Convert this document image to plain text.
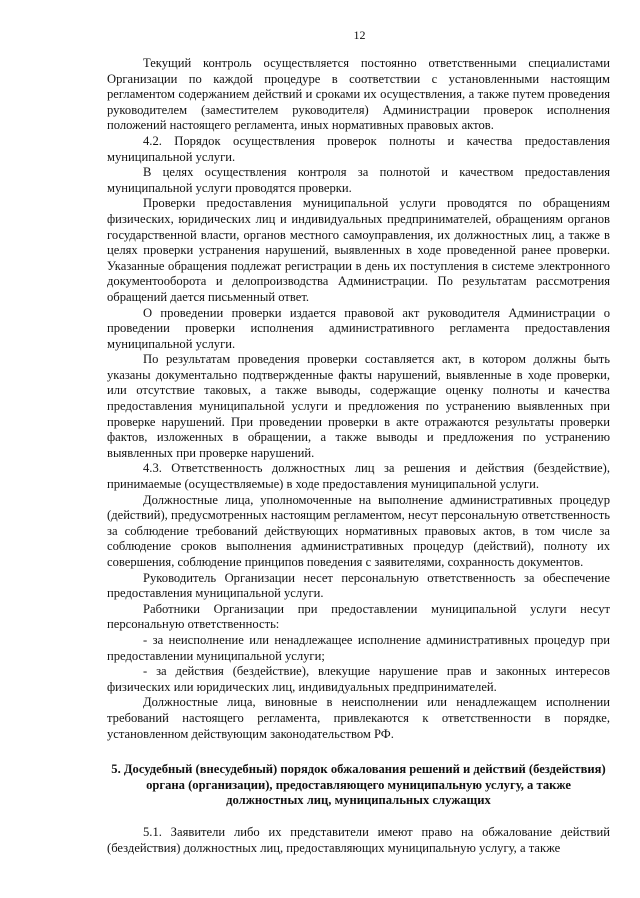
12

Текущий контроль осуществляется постоянно ответственными специалистами Организации по каждой процедуре в соответствии с установленными настоящим регламентом содержанием действий и сроками их осуществления, а также путем проведения руководителем (заместителем руководителя) Администрации проверок исполнения положений настоящего регламента, иных нормативных правовых актов.

4.2. Порядок осуществления проверок полноты и качества предоставления муниципальной услуги.

В целях осуществления контроля за полнотой и качеством предоставления муниципальной услуги проводятся проверки.

Проверки предоставления муниципальной услуги проводятся по обращениям физических, юридических лиц и индивидуальных предпринимателей, обращениям органов государственной власти, органов местного самоуправления, их должностных лиц, а также в целях проверки устранения нарушений, выявленных в ходе проведенной ранее проверки. Указанные обращения подлежат регистрации в день их поступления в системе электронного документооборота и делопроизводства Администрации. По результатам рассмотрения обращений дается письменный ответ.

О проведении проверки издается правовой акт руководителя Администрации о проведении проверки исполнения административного регламента предоставления муниципальной услуги.

По результатам проведения проверки составляется акт, в котором должны быть указаны документально подтвержденные факты нарушений, выявленные в ходе проверки, или отсутствие таковых, а также выводы, содержащие оценку полноты и качества предоставления муниципальной услуги и предложения по устранению выявленных при проверке нарушений. При проведении проверки в акте отражаются результаты проверки фактов, изложенных в обращении, а также выводы и предложения по устранению выявленных при проверке нарушений.

4.3. Ответственность должностных лиц за решения и действия (бездействие), принимаемые (осуществляемые) в ходе предоставления муниципальной услуги.

Должностные лица, уполномоченные на выполнение административных процедур (действий), предусмотренных настоящим регламентом, несут персональную ответственность за соблюдение требований действующих нормативных правовых актов, в том числе за соблюдение сроков выполнения административных процедур (действий), полноту их совершения, соблюдение принципов поведения с заявителями, сохранность документов.

Руководитель Организации несет персональную ответственность за обеспечение предоставления муниципальной услуги.

Работники Организации при предоставлении муниципальной услуги несут персональную ответственность:

- за неисполнение или ненадлежащее исполнение административных процедур при предоставлении муниципальной услуги;

- за действия (бездействие), влекущие нарушение прав и законных интересов физических или юридических лиц, индивидуальных предпринимателей.

Должностные лица, виновные в неисполнении или ненадлежащем исполнении требований настоящего регламента, привлекаются к ответственности в порядке, установленном действующим законодательством РФ.

5. Досудебный (внесудебный) порядок обжалования решений и действий (бездействия) органа (организации), предоставляющего муниципальную услугу, а также должностных лиц, муниципальных служащих

5.1. Заявители либо их представители имеют право на обжалование действий (бездействия) должностных лиц, предоставляющих муниципальную услугу, а также
